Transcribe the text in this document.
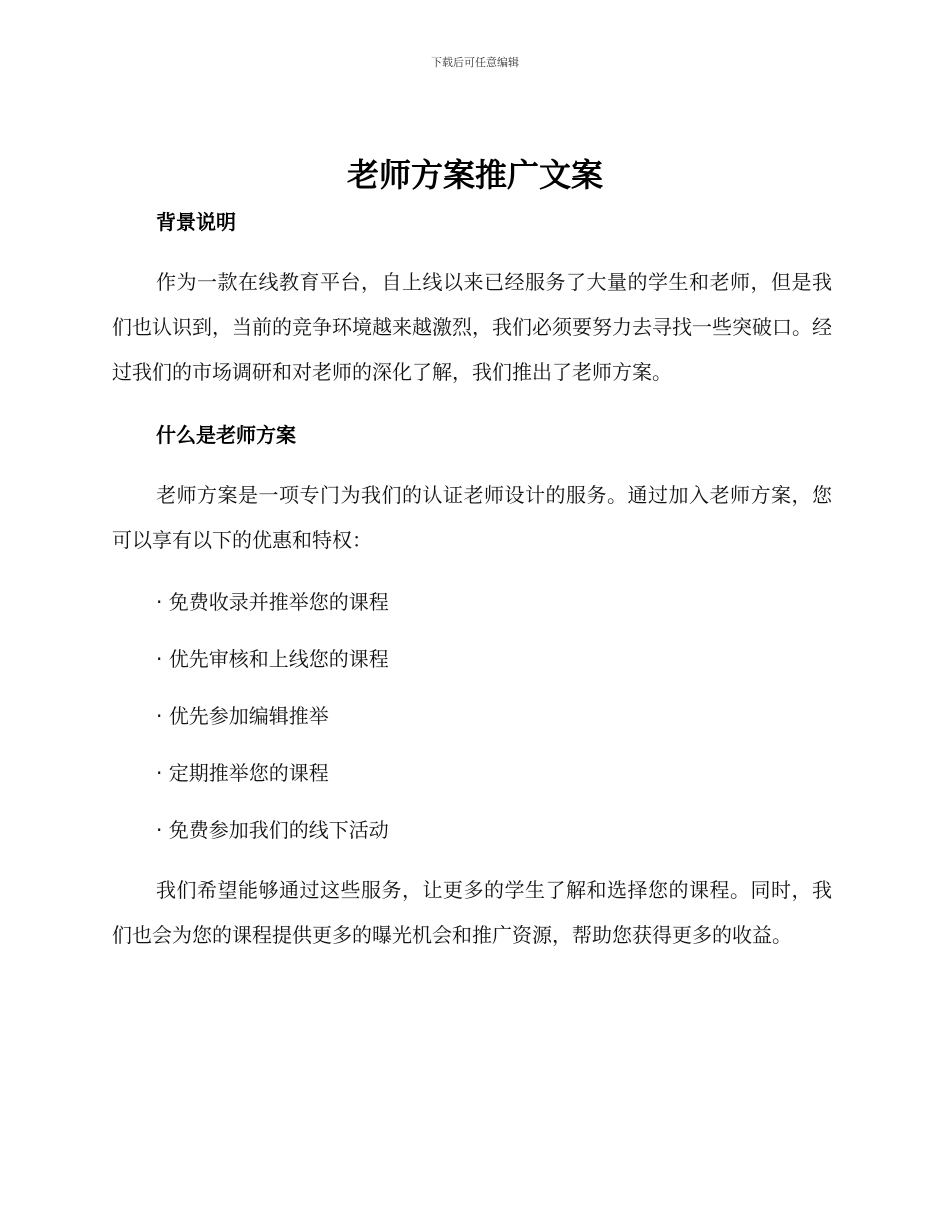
下载后可任意编辑
老师方案推广文案
背景说明

作为一款在线教育平台，自上线以来已经服务了大量的学生和老师，但是我们也认识到，当前的竞争环境越来越激烈，我们必须要努力去寻找一些突破口。经过我们的市场调研和对老师的深化了解，我们推出了老师方案。

什么是老师方案

老师方案是一项专门为我们的认证老师设计的服务。通过加入老师方案，您可以享有以下的优惠和特权：

· 免费收录并推举您的课程
· 优先审核和上线您的课程
· 优先参加编辑推举
· 定期推举您的课程
· 免费参加我们的线下活动

我们希望能够通过这些服务，让更多的学生了解和选择您的课程。同时，我们也会为您的课程提供更多的曝光机会和推广资源，帮助您获得更多的收益。
